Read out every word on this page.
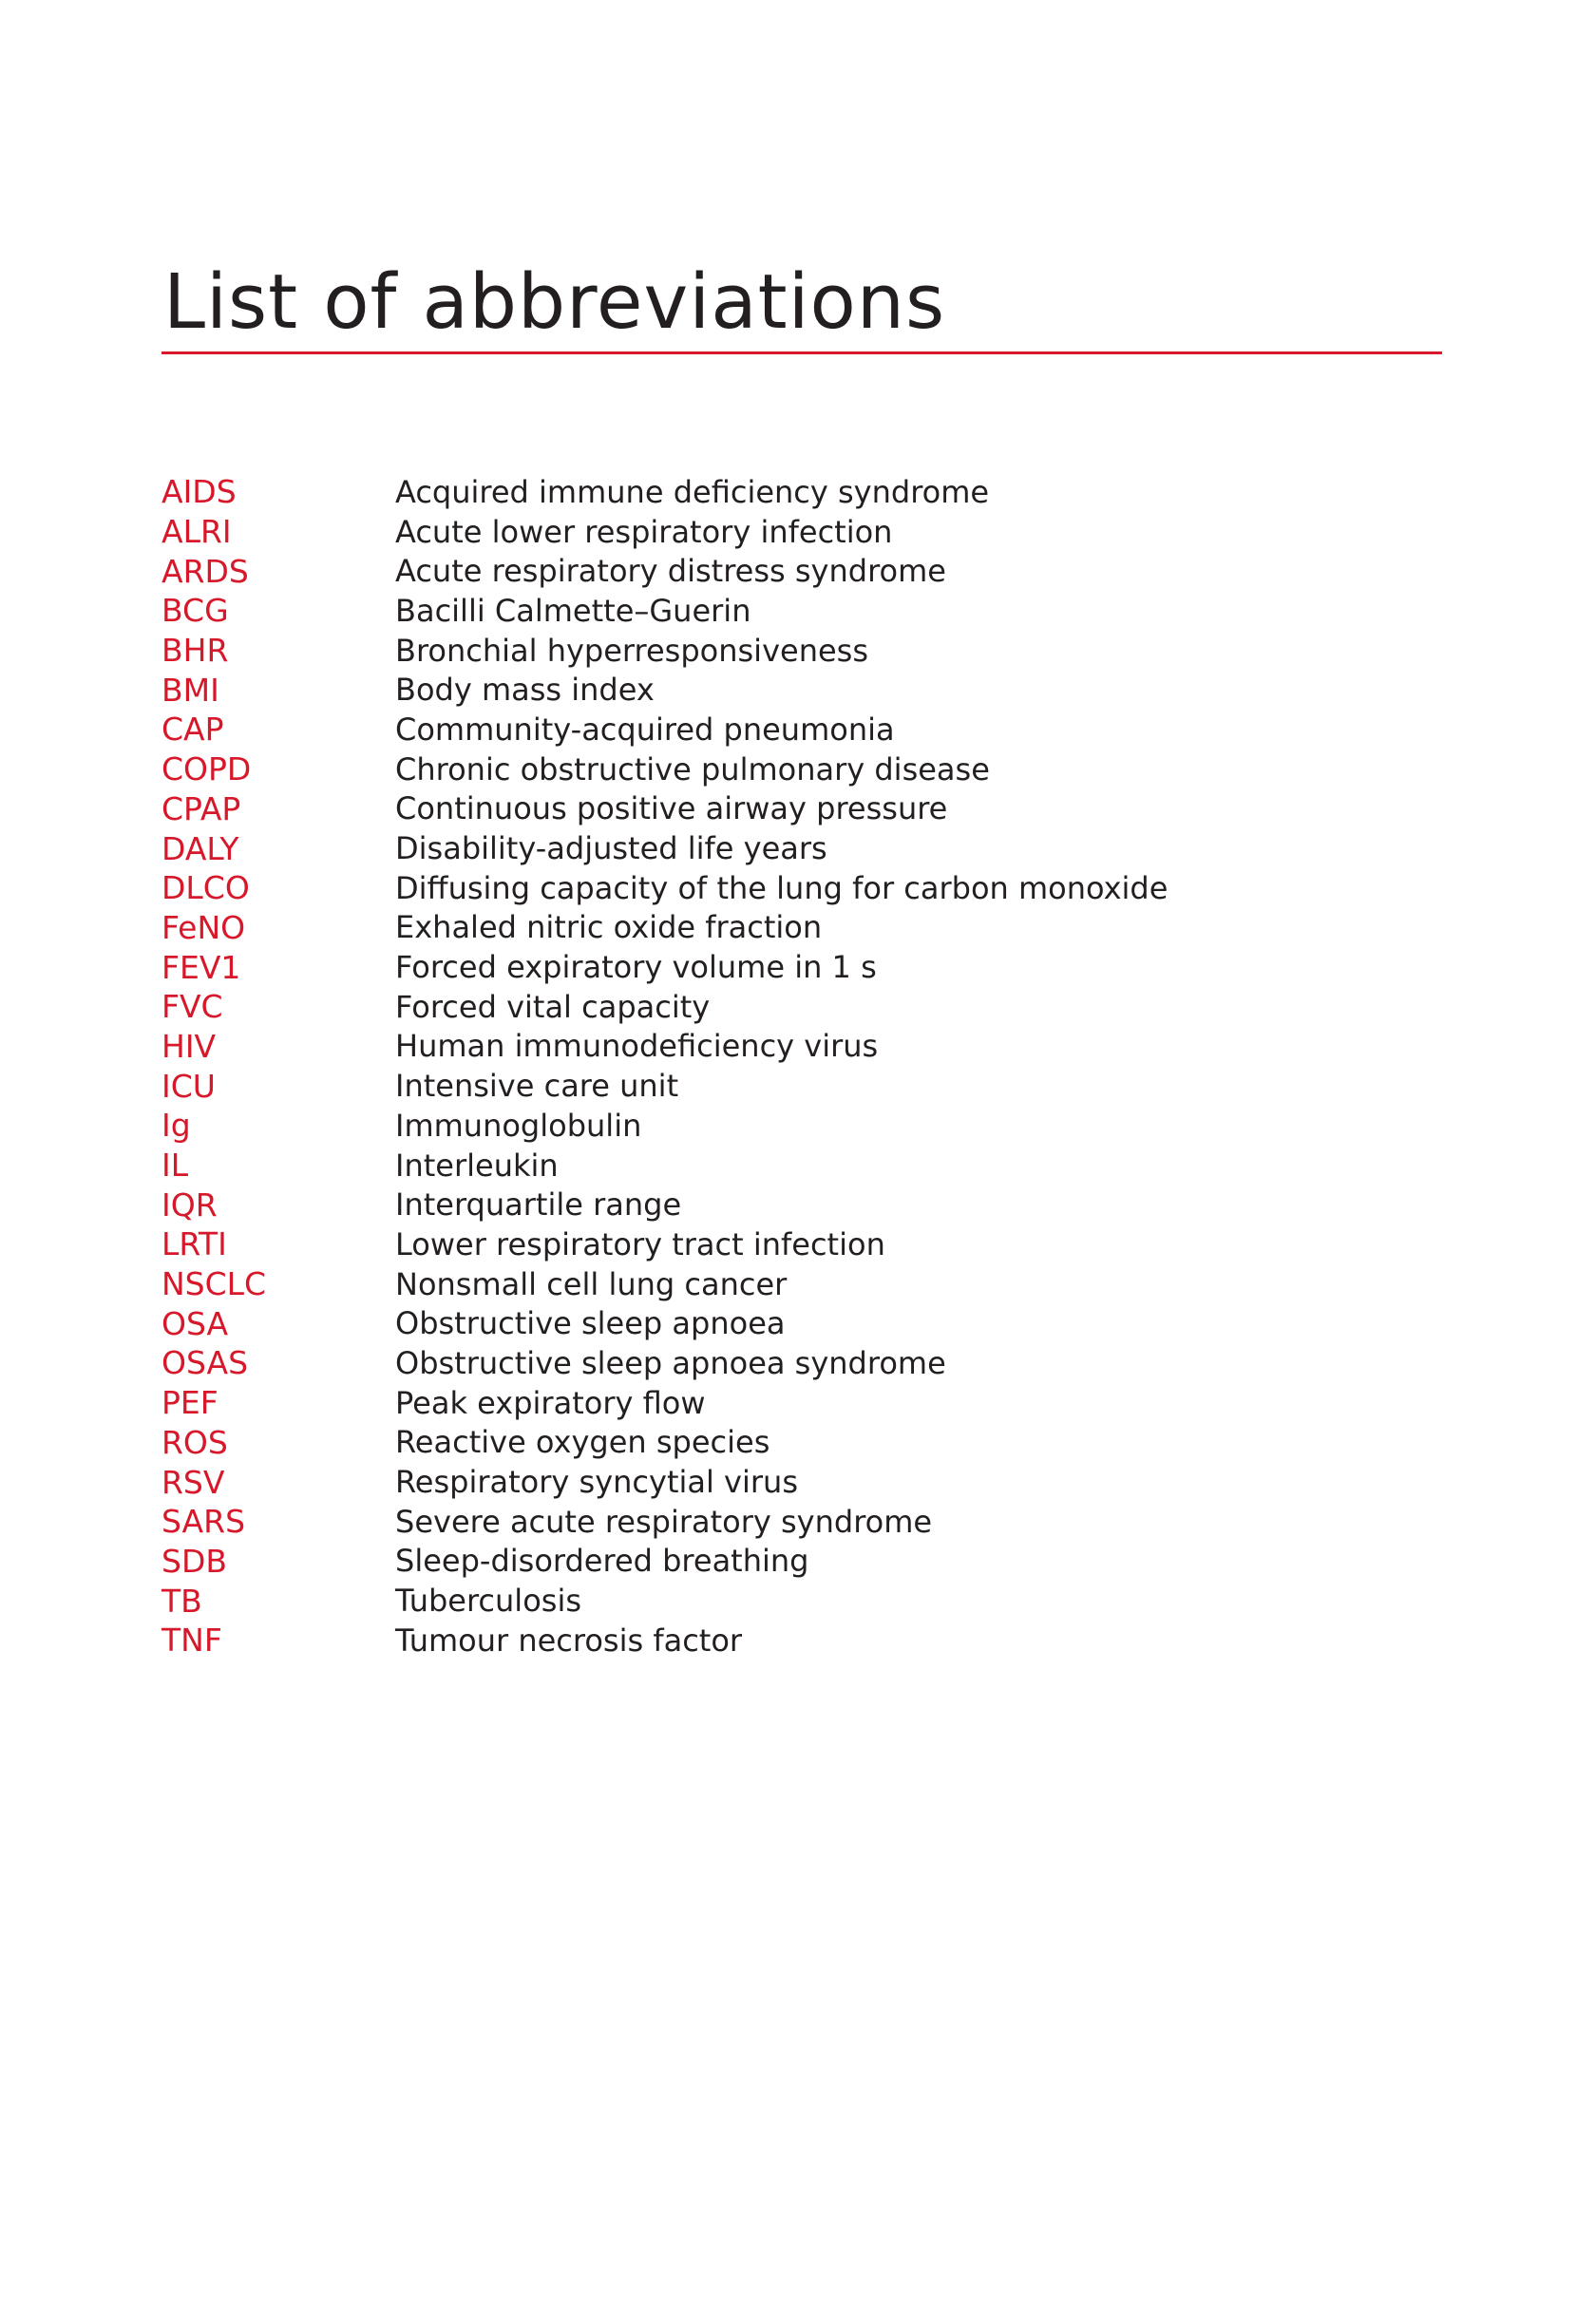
List of abbreviations
AIDS	Acquired immune deficiency syndrome
ALRI	Acute lower respiratory infection
ARDS	Acute respiratory distress syndrome
BCG	Bacilli Calmette–Guerin
BHR	Bronchial hyperresponsiveness
BMI	Body mass index
CAP	Community-acquired pneumonia
COPD	Chronic obstructive pulmonary disease
CPAP	Continuous positive airway pressure
DALY	Disability-adjusted life years
DLCO	Diffusing capacity of the lung for carbon monoxide
FeNO	Exhaled nitric oxide fraction
FEV1	Forced expiratory volume in 1 s
FVC	Forced vital capacity
HIV	Human immunodeficiency virus
ICU	Intensive care unit
Ig	Immunoglobulin
IL	Interleukin
IQR	Interquartile range
LRTI	Lower respiratory tract infection
NSCLC	Nonsmall cell lung cancer
OSA	Obstructive sleep apnoea
OSAS	Obstructive sleep apnoea syndrome
PEF	Peak expiratory flow
ROS	Reactive oxygen species
RSV	Respiratory syncytial virus
SARS	Severe acute respiratory syndrome
SDB	Sleep-disordered breathing
TB	Tuberculosis
TNF	Tumour necrosis factor
